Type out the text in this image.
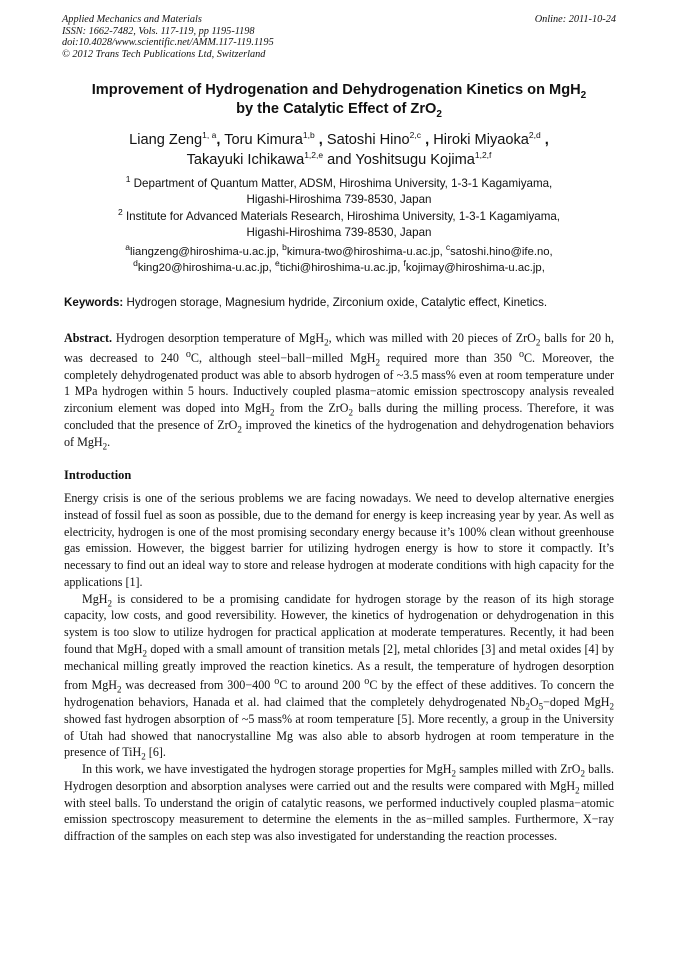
Applied Mechanics and Materials
ISSN: 1662-7482, Vols. 117-119, pp 1195-1198
doi:10.4028/www.scientific.net/AMM.117-119.1195
© 2012 Trans Tech Publications Ltd, Switzerland
Online: 2011-10-24
Improvement of Hydrogenation and Dehydrogenation Kinetics on MgH$_2$
by the Catalytic Effect of ZrO$_2$
Liang Zeng$^{1, a}$, Toru Kimura$^{1,b}$ , Satoshi Hino$^{2,c}$ , Hiroki Miyaoka$^{2,d}$ ,
Takayuki Ichikawa$^{1,2,e}$ and Yoshitsugu Kojima$^{1,2,f}$
$^1$ Department of Quantum Matter, ADSM, Hiroshima University, 1-3-1 Kagamiyama,
Higashi-Hiroshima 739-8530, Japan
$^2$ Institute for Advanced Materials Research, Hiroshima University, 1-3-1 Kagamiyama,
Higashi-Hiroshima 739-8530, Japan
$^a$liangzeng@hiroshima-u.ac.jp, $^b$kimura-two@hiroshima-u.ac.jp, $^c$satoshi.hino@ife.no,
$^d$king20@hiroshima-u.ac.jp, $^e$tichi@hiroshima-u.ac.jp, $^f$kojimay@hiroshima-u.ac.jp,
Keywords: Hydrogen storage, Magnesium hydride, Zirconium oxide, Catalytic effect, Kinetics.
Abstract. Hydrogen desorption temperature of MgH$_2$, which was milled with 20 pieces of ZrO$_2$ balls for 20 h, was decreased to 240 $^o$C, although steel−ball−milled MgH$_2$ required more than 350 $^o$C. Moreover, the completely dehydrogenated product was able to absorb hydrogen of ~3.5 mass% even at room temperature under 1 MPa hydrogen within 5 hours. Inductively coupled plasma−atomic emission spectroscopy analysis revealed zirconium element was doped into MgH$_2$ from the ZrO$_2$ balls during the milling process. Therefore, it was concluded that the presence of ZrO$_2$ improved the kinetics of the hydrogenation and dehydrogenation behaviors of MgH$_2$.
Introduction

Energy crisis is one of the serious problems we are facing nowadays. We need to develop alternative energies instead of fossil fuel as soon as possible, due to the demand for energy is keep increasing year by year. As well as electricity, hydrogen is one of the most promising secondary energy because it’s 100% clean without greenhouse gas emission. However, the biggest barrier for utilizing hydrogen energy is how to store it compactly. It’s necessary to find out an ideal way to store and release hydrogen at moderate conditions with high capacity for the applications [1].

MgH$_2$ is considered to be a promising candidate for hydrogen storage by the reason of its high storage capacity, low costs, and good reversibility. However, the kinetics of hydrogenation or dehydrogenation in this system is too slow to utilize hydrogen for practical application at moderate temperatures. Recently, it had been found that MgH$_2$ doped with a small amount of transition metals [2], metal chlorides [3] and metal oxides [4] by mechanical milling greatly improved the reaction kinetics. As a result, the temperature of hydrogen desorption from MgH$_2$ was decreased from 300−400 $^o$C to around 200 $^o$C by the effect of these additives. To concern the hydrogenation behaviors, Hanada et al. had claimed that the completely dehydrogenated $Nb_2O_5-doped$ MgH$_2$ showed fast hydrogen absorption of ~5 mass% at room temperature [5]. More recently, a group in the University of Utah had showed that nanocrystalline Mg was also able to absorb hydrogen at room temperature in the presence of TiH$_2$ [6].

In this work, we have investigated the hydrogen storage properties for MgH$_2$ samples milled with ZrO$_2$ balls. Hydrogen desorption and absorption analyses were carried out and the results were compared with MgH$_2$ milled with steel balls. To understand the origin of catalytic reasons, we performed inductively coupled plasma−atomic emission spectroscopy measurement to determine the elements in the as−milled samples. Furthermore, X−ray diffraction of the samples on each step was also investigated for understanding the reaction processes.
